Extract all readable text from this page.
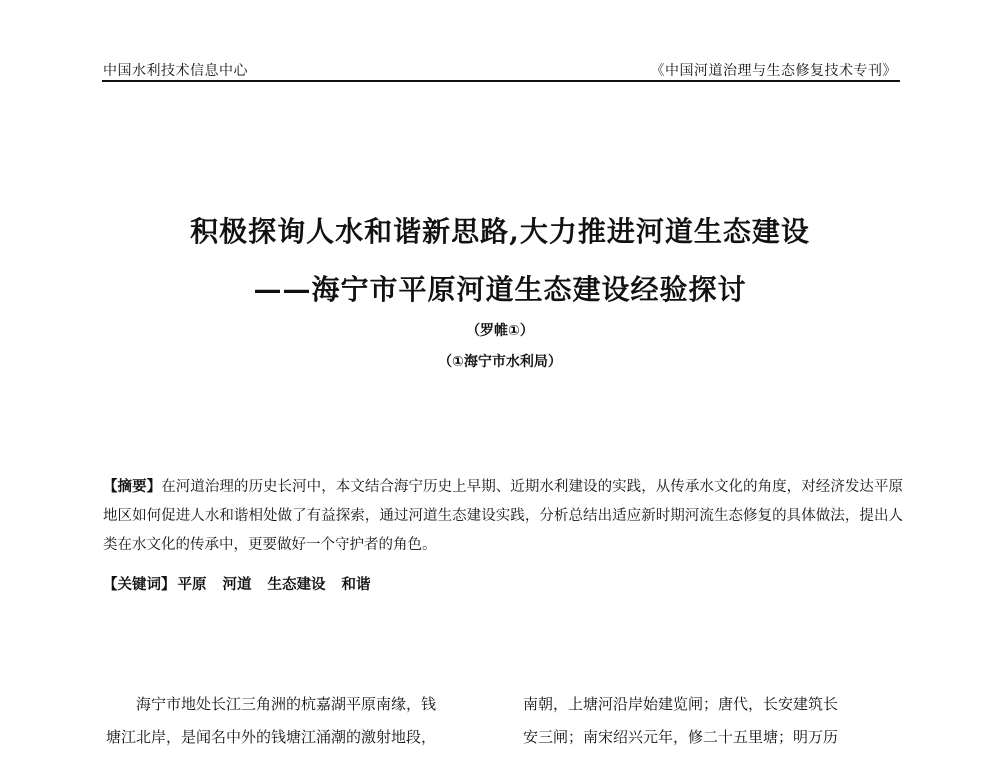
中国水利技术信息中心	《中国河道治理与生态修复技术专刊》
积极探询人水和谐新思路,大力推进河道生态建设
——海宁市平原河道生态建设经验探讨
（罗帷①）
（①海宁市水利局）
【摘要】在河道治理的历史长河中，本文结合海宁历史上早期、近期水利建设的实践，从传承水文化的角度，对经济发达平原地区如何促进人水和谐相处做了有益探索，通过河道生态建设实践，分析总结出适应新时期河流生态修复的具体做法，提出人类在水文化的传承中，更要做好一个守护者的角色。
【关键词】 平原 河道 生态建设 和谐
海宁市地处长江三角洲的杭嘉湖平原南缘，钱
塘江北岸，是闻名中外的钱塘江涌潮的激射地段，
南朝，上塘河沿岸始建览闸；唐代，长安建筑长
安三闸；南宋绍兴元年，修二十五里塘；明万历
